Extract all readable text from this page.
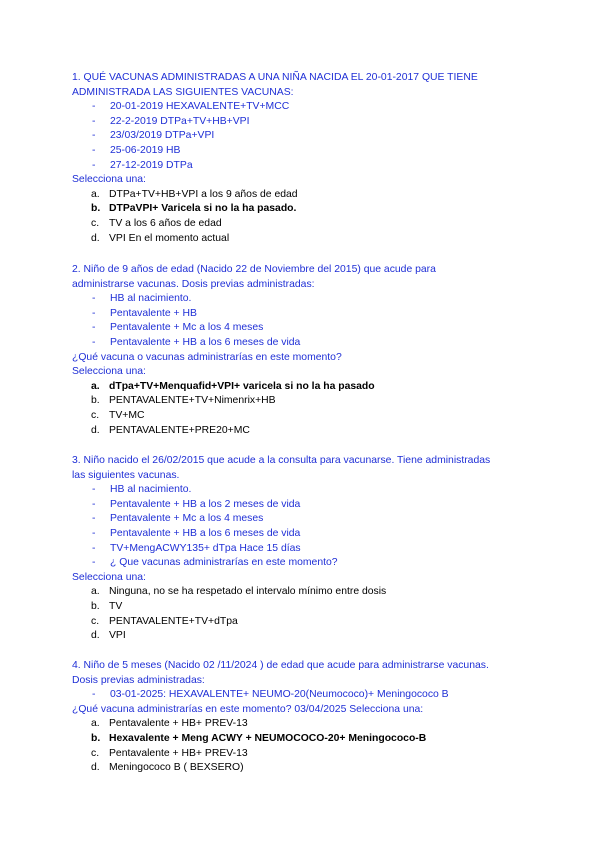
1. QUÉ VACUNAS ADMINISTRADAS A UNA NIÑA NACIDA EL 20-01-2017 QUE TIENE
ADMINISTRADA LAS SIGUIENTES VACUNAS:
-	20-01-2019 HEXAVALENTE+TV+MCC
-	22-2-2019 DTPa+TV+HB+VPI
-	23/03/2019 DTPa+VPI
-	25-06-2019 HB
-	27-12-2019 DTPa
Selecciona una:
a. DTPa+TV+HB+VPI a los 9 años de edad
b. DTPaVPI+ Varicela si no la ha pasado.
c. TV a los 6 años de edad
d. VPI En el momento actual
2. Niño de 9 años de edad (Nacido 22 de Noviembre del 2015) que acude para
administrarse vacunas. Dosis previas administradas:
-	HB al nacimiento.
-	Pentavalente + HB
-	Pentavalente + Mc a los 4 meses
-	Pentavalente + HB a los 6 meses de vida
¿Qué vacuna o vacunas administrarías en este momento?
Selecciona una:
a. dTpa+TV+Menquafid+VPI+ varicela si no la ha pasado
b. PENTAVALENTE+TV+Nimenrix+HB
c. TV+MC
d. PENTAVALENTE+PRE20+MC
3. Niño nacido el 26/02/2015 que acude a la consulta para vacunarse. Tiene administradas
las siguientes vacunas.
-	HB al nacimiento.
-	Pentavalente + HB a los 2 meses de vida
-	Pentavalente + Mc a los 4 meses
-	Pentavalente + HB a los 6 meses de vida
-	TV+MengACWY135+ dTpa Hace 15 días
-	¿ Que vacunas administrarías en este momento?
Selecciona una:
a. Ninguna, no se ha respetado el intervalo mínimo entre dosis
b. TV
c. PENTAVALENTE+TV+dTpa
d. VPI
4. Niño de 5 meses (Nacido 02 /11/2024 ) de edad que acude para administrarse vacunas.
Dosis previas administradas:
-	03-01-2025: HEXAVALENTE+ NEUMO-20(Neumococo)+ Meningococo B
¿Qué vacuna administrarías en este momento? 03/04/2025 Selecciona una:
a. Pentavalente + HB+ PREV-13
b. Hexavalente + Meng ACWY + NEUMOCOCO-20+ Meningococo-B
c. Pentavalente + HB+ PREV-13
d. Meningococo B ( BEXSERO)
